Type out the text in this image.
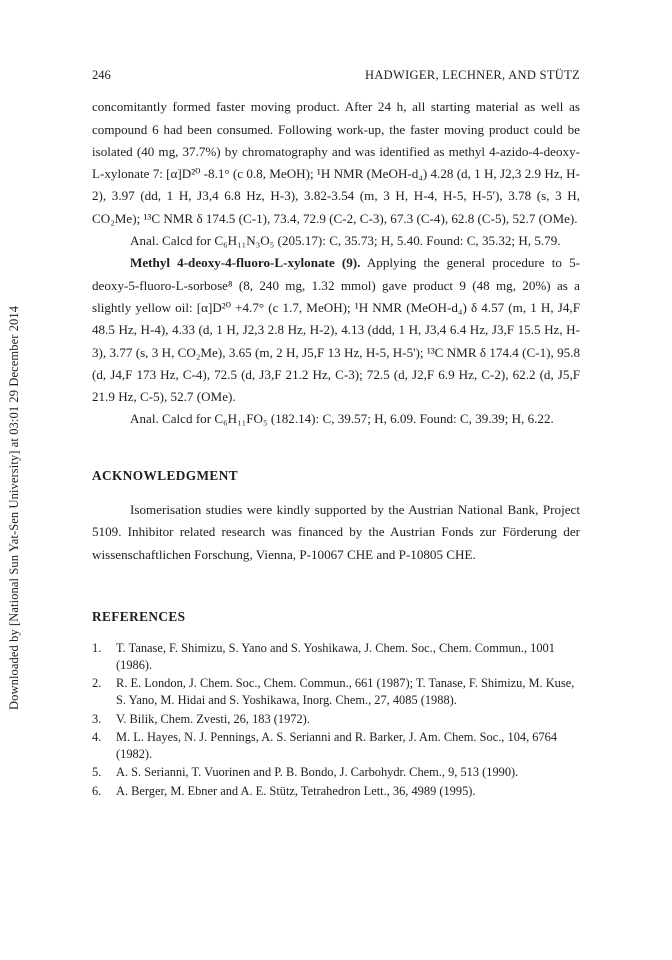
Downloaded by [National Sun Yat-Sen University] at 03:01 29 December 2014
246	HADWIGER, LECHNER, AND STÜTZ

concomitantly formed faster moving product. After 24 h, all starting material as well as compound 6 had been consumed. Following work-up, the faster moving product could be isolated (40 mg, 37.7%) by chromatography and was identified as methyl 4-azido-4-deoxy-L-xylonate 7: [α]D²⁰ -8.1° (c 0.8, MeOH); ¹H NMR (MeOH-d₄) 4.28 (d, 1 H, J2,3 2.9 Hz, H-2), 3.97 (dd, 1 H, J3,4 6.8 Hz, H-3), 3.82-3.54 (m, 3 H, H-4, H-5, H-5'), 3.78 (s, 3 H, CO₂Me); ¹³C NMR δ 174.5 (C-1), 73.4, 72.9 (C-2, C-3), 67.3 (C-4), 62.8 (C-5), 52.7 (OMe).

Anal. Calcd for C₆H₁₁N₃O₅ (205.17): C, 35.73; H, 5.40. Found: C, 35.32; H, 5.79.

Methyl 4-deoxy-4-fluoro-L-xylonate (9). Applying the general procedure to 5-deoxy-5-fluoro-L-sorbose⁸ (8, 240 mg, 1.32 mmol) gave product 9 (48 mg, 20%) as a slightly yellow oil: [α]D²⁰ +4.7° (c 1.7, MeOH); ¹H NMR (MeOH-d₄) δ 4.57 (m, 1 H, J4,F 48.5 Hz, H-4), 4.33 (d, 1 H, J2,3 2.8 Hz, H-2), 4.13 (ddd, 1 H, J3,4 6.4 Hz, J3,F 15.5 Hz, H-3), 3.77 (s, 3 H, CO₂Me), 3.65 (m, 2 H, J5,F 13 Hz, H-5, H-5'); ¹³C NMR δ 174.4 (C-1), 95.8 (d, J4,F 173 Hz, C-4), 72.5 (d, J3,F 21.2 Hz, C-3); 72.5 (d, J2,F 6.9 Hz, C-2), 62.2 (d, J5,F 21.9 Hz, C-5), 52.7 (OMe).

Anal. Calcd for C₆H₁₁FO₅ (182.14): C, 39.57; H, 6.09. Found: C, 39.39; H, 6.22.

ACKNOWLEDGMENT

Isomerisation studies were kindly supported by the Austrian National Bank, Project 5109. Inhibitor related research was financed by the Austrian Fonds zur Förderung der wissenschaftlichen Forschung, Vienna, P-10067 CHE and P-10805 CHE.

REFERENCES
1.	T. Tanase, F. Shimizu, S. Yano and S. Yoshikawa, J. Chem. Soc., Chem. Commun., 1001 (1986).
2.	R. E. London, J. Chem. Soc., Chem. Commun., 661 (1987); T. Tanase, F. Shimizu, M. Kuse, S. Yano, M. Hidai and S. Yoshikawa, Inorg. Chem., 27, 4085 (1988).
3.	V. Bilik, Chem. Zvesti, 26, 183 (1972).
4.	M. L. Hayes, N. J. Pennings, A. S. Serianni and R. Barker, J. Am. Chem. Soc., 104, 6764 (1982).
5.	A. S. Serianni, T. Vuorinen and P. B. Bondo, J. Carbohydr. Chem., 9, 513 (1990).
6.	A. Berger, M. Ebner and A. E. Stütz, Tetrahedron Lett., 36, 4989 (1995).
